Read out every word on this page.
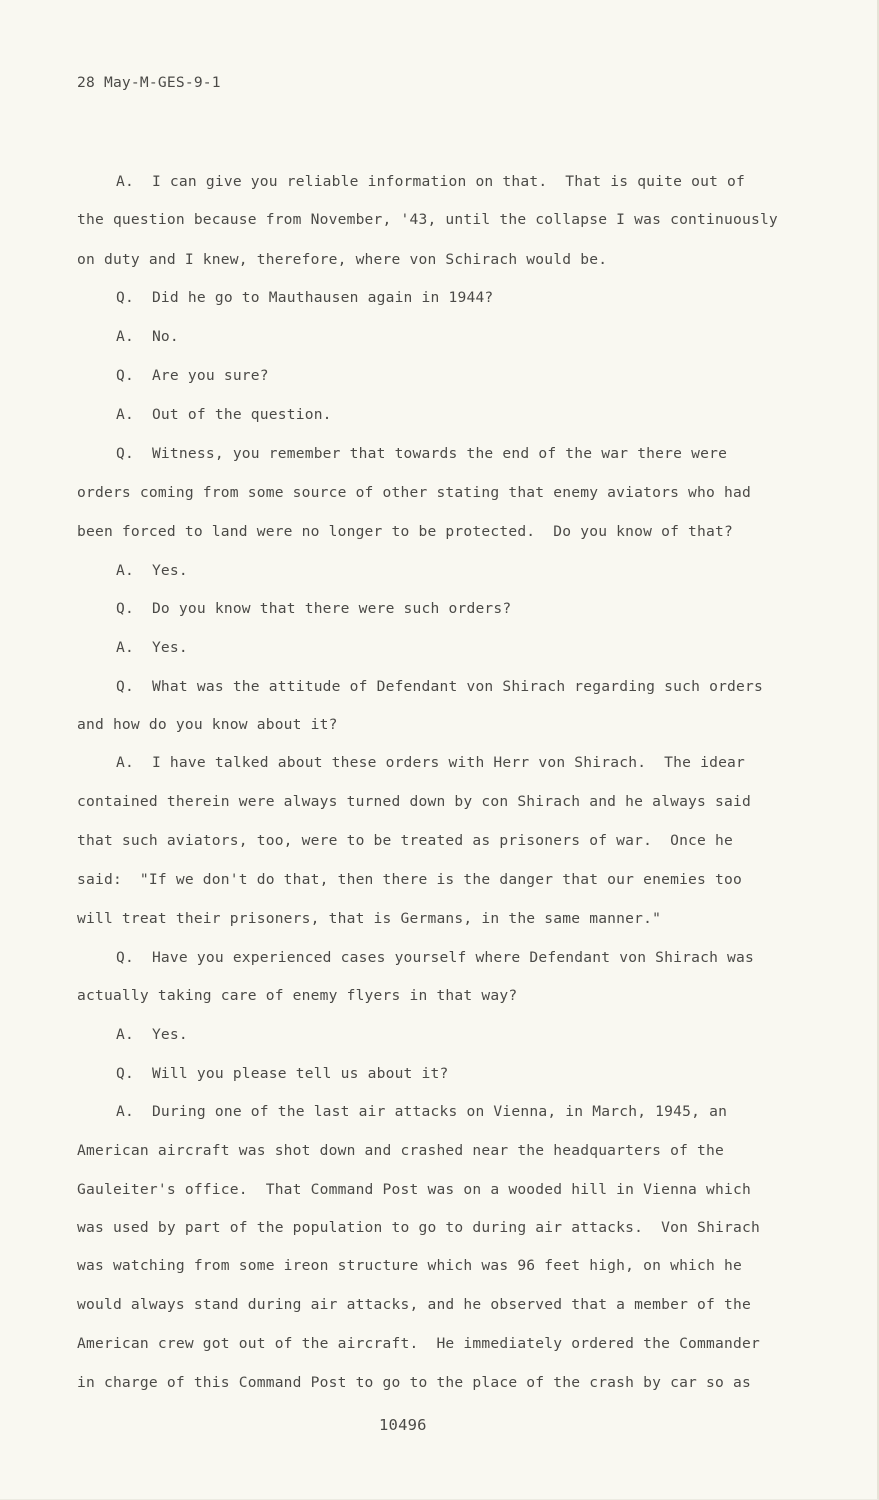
28 May-M-GES-9-1
A.  I can give you reliable information on that.  That is quite out of
the question because from November, '43, until the collapse I was continuously
on duty and I knew, therefore, where von Schirach would be.
Q.  Did he go to Mauthausen again in 1944?
A.  No.
Q.  Are you sure?
A.  Out of the question.
Q.  Witness, you remember that towards the end of the war there were
orders coming from some source of other stating that enemy aviators who had
been forced to land were no longer to be protected.  Do you know of that?
A.  Yes.
Q.  Do you know that there were such orders?
A.  Yes.
Q.  What was the attitude of Defendant von Shirach regarding such orders
and how do you know about it?
A.  I have talked about these orders with Herr von Shirach.  The idear
contained therein were always turned down by con Shirach and he always said
that such aviators, too, were to be treated as prisoners of war.  Once he
said:  "If we don't do that, then there is the danger that our enemies too
will treat their prisoners, that is Germans, in the same manner."
Q.  Have you experienced cases yourself where Defendant von Shirach was
actually taking care of enemy flyers in that way?
A.  Yes.
Q.  Will you please tell us about it?
A.  During one of the last air attacks on Vienna, in March, 1945, an
American aircraft was shot down and crashed near the headquarters of the
Gauleiter's office.  That Command Post was on a wooded hill in Vienna which
was used by part of the population to go to during air attacks.  Von Shirach
was watching from some ireon structure which was 96 feet high, on which he
would always stand during air attacks, and he observed that a member of the
American crew got out of the aircraft.  He immediately ordered the Commander
in charge of this Command Post to go to the place of the crash by car so as
10496
